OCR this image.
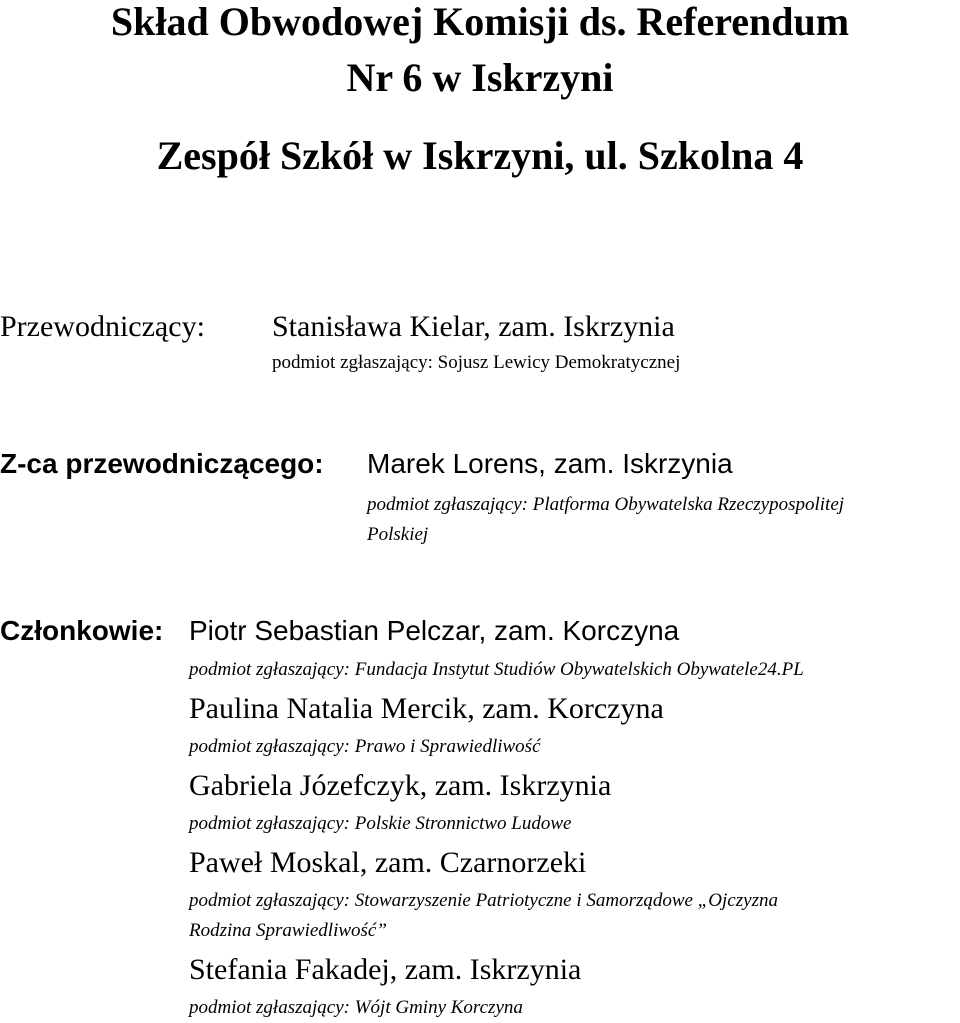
Skład Obwodowej Komisji ds. Referendum
Nr 6 w Iskrzyni
Zespół Szkół w Iskrzyni, ul. Szkolna 4
Przewodniczący: Stanisława Kielar, zam. Iskrzynia
podmiot zgłaszający: Sojusz Lewicy Demokratycznej
Z-ca przewodniczącego: Marek Lorens, zam. Iskrzynia
podmiot zgłaszający: Platforma Obywatelska Rzeczypospolitej
Polskiej
Członkowie: Piotr Sebastian Pelczar, zam. Korczyna
podmiot zgłaszający: Fundacja Instytut Studiów Obywatelskich Obywatele24.PL
Paulina Natalia Mercik, zam. Korczyna
podmiot zgłaszający: Prawo i Sprawiedliwość
Gabriela Józefczyk, zam. Iskrzynia
podmiot zgłaszający: Polskie Stronnictwo Ludowe
Paweł Moskal, zam. Czarnorzeki
podmiot zgłaszający: Stowarzyszenie Patriotyczne i Samorządowe „Ojczyzna
Rodzina Sprawiedliwość”
Stefania Fakadej, zam. Iskrzynia
podmiot zgłaszający: Wójt Gminy Korczyna
